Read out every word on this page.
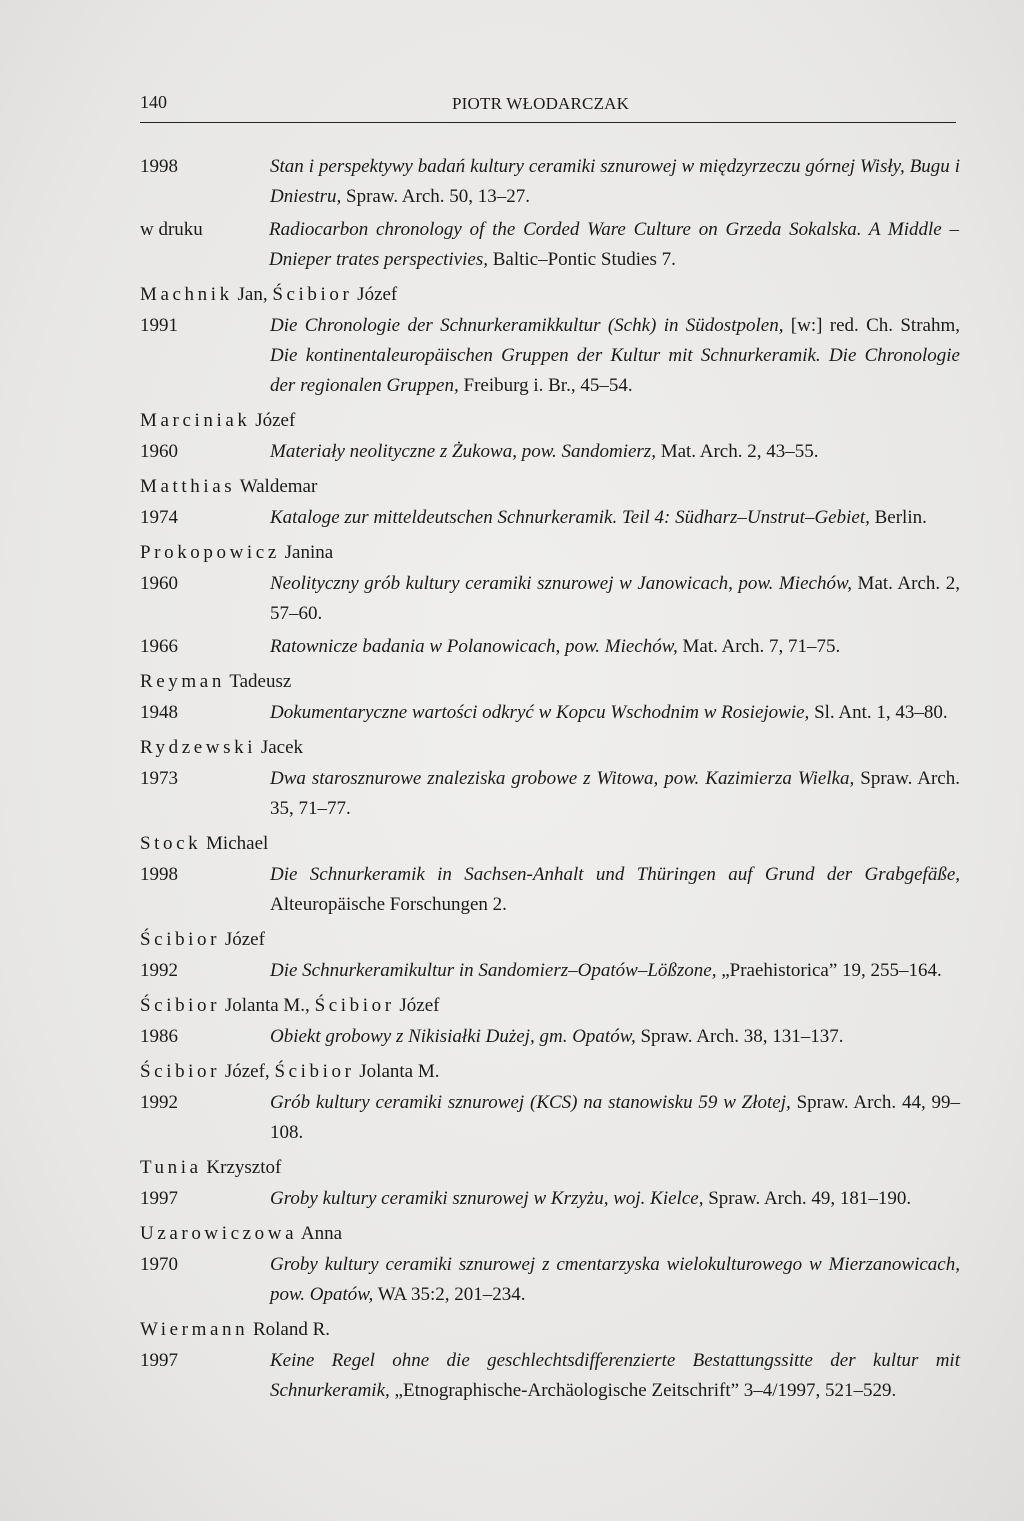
140	PIOTR WŁODARCZAK
1998	Stan i perspektywy badań kultury ceramiki sznurowej w międzyrzeczu górnej Wisły, Bugu i Dniestru, Spraw. Arch. 50, 13–27.
w druku	Radiocarbon chronology of the Corded Ware Culture on Grzeda Sokalska. A Middle – Dnieper trates perspectivies, Baltic–Pontic Studies 7.
Machnik Jan, Ścibior Józef
1991	Die Chronologie der Schnurkeramikkultur (Schk) in Südostpolen, [w:] red. Ch. Strahm, Die kontinentaleuropäischen Gruppen der Kultur mit Schnurkeramik. Die Chronologie der regionalen Gruppen, Freiburg i. Br., 45–54.
Marciniak Józef
1960	Materiały neolityczne z Żukowa, pow. Sandomierz, Mat. Arch. 2, 43–55.
Matthias Waldemar
1974	Kataloge zur mitteldeutschen Schnurkeramik. Teil 4: Südharz–Unstrut–Gebiet, Berlin.
Prokopowicz Janina
1960	Neolityczny grób kultury ceramiki sznurowej w Janowicach, pow. Miechów, Mat. Arch. 2, 57–60.
1966	Ratownicze badania w Polanowicach, pow. Miechów, Mat. Arch. 7, 71–75.
Reyman Tadeusz
1948	Dokumentaryczne wartości odkryć w Kopcu Wschodnim w Rosiejowie, Sl. Ant. 1, 43–80.
Rydzewski Jacek
1973	Dwa starosznurowe znaleziska grobowe z Witowa, pow. Kazimierza Wielka, Spraw. Arch. 35, 71–77.
Stock Michael
1998	Die Schnurkeramik in Sachsen-Anhalt und Thüringen auf Grund der Grabgefäße, Alteuropäische Forschungen 2.
Ścibior Józef
1992	Die Schnurkeramikultur in Sandomierz–Opatów–Lößzone, „Praehistorica” 19, 255–164.
Ścibior Jolanta M., Ścibior Józef
1986	Obiekt grobowy z Nikisiałki Dużej, gm. Opatów, Spraw. Arch. 38, 131–137.
Ścibior Józef, Ścibior Jolanta M.
1992	Grób kultury ceramiki sznurowej (KCS) na stanowisku 59 w Złotej, Spraw. Arch. 44, 99–108.
Tunia Krzysztof
1997	Groby kultury ceramiki sznurowej w Krzyżu, woj. Kielce, Spraw. Arch. 49, 181–190.
Uzarowiczowa Anna
1970	Groby kultury ceramiki sznurowej z cmentarzyska wielokulturowego w Mierzanowicach, pow. Opatów, WA 35:2, 201–234.
Wiermann Roland R.
1997	Keine Regel ohne die geschlechtsdifferenzierte Bestattungssitte der kultur mit Schnurkeramik, „Etnographische-Archäologische Zeitschrift” 3–4/1997, 521–529.
